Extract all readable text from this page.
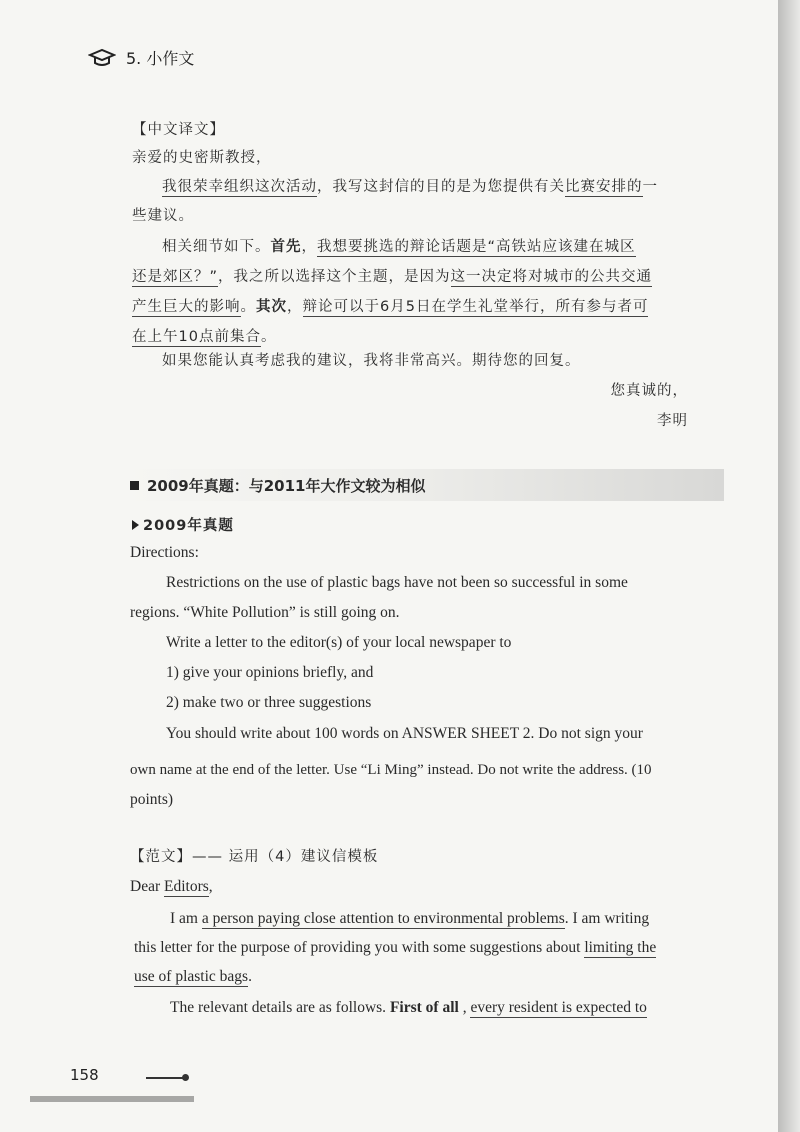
5. 小作文
【中文译文】
亲爱的史密斯教授，
我很荣幸组织这次活动，我写这封信的目的是为您提供有关比赛安排的一
些建议。
相关细节如下。首先，我想要挑选的辩论话题是“高铁站应该建在城区
还是郊区？”，我之所以选择这个主题，是因为这一决定将对城市的公共交通
产生巨大的影响。其次，辩论可以于6月5日在学生礼堂举行，所有参与者可
在上午10点前集合。
如果您能认真考虑我的建议，我将非常高兴。期待您的回复。
您真诚的，
李明
2009年真题：与2011年大作文较为相似
2009年真题
Directions:
Restrictions on the use of plastic bags have not been so successful in some
regions. “White Pollution” is still going on.
Write a letter to the editor(s) of your local newspaper to
1) give your opinions briefly, and
2) make two or three suggestions
You should write about 100 words on ANSWER SHEET 2. Do not sign your
own name at the end of the letter. Use “Li Ming” instead. Do not write the address. (10
points)
【范文】—— 运用（4）建议信模板
Dear Editors,
I am a person paying close attention to environmental problems. I am writing
this letter for the purpose of providing you with some suggestions about limiting the
use of plastic bags.
The relevant details are as follows. First of all , every resident is expected to
158
